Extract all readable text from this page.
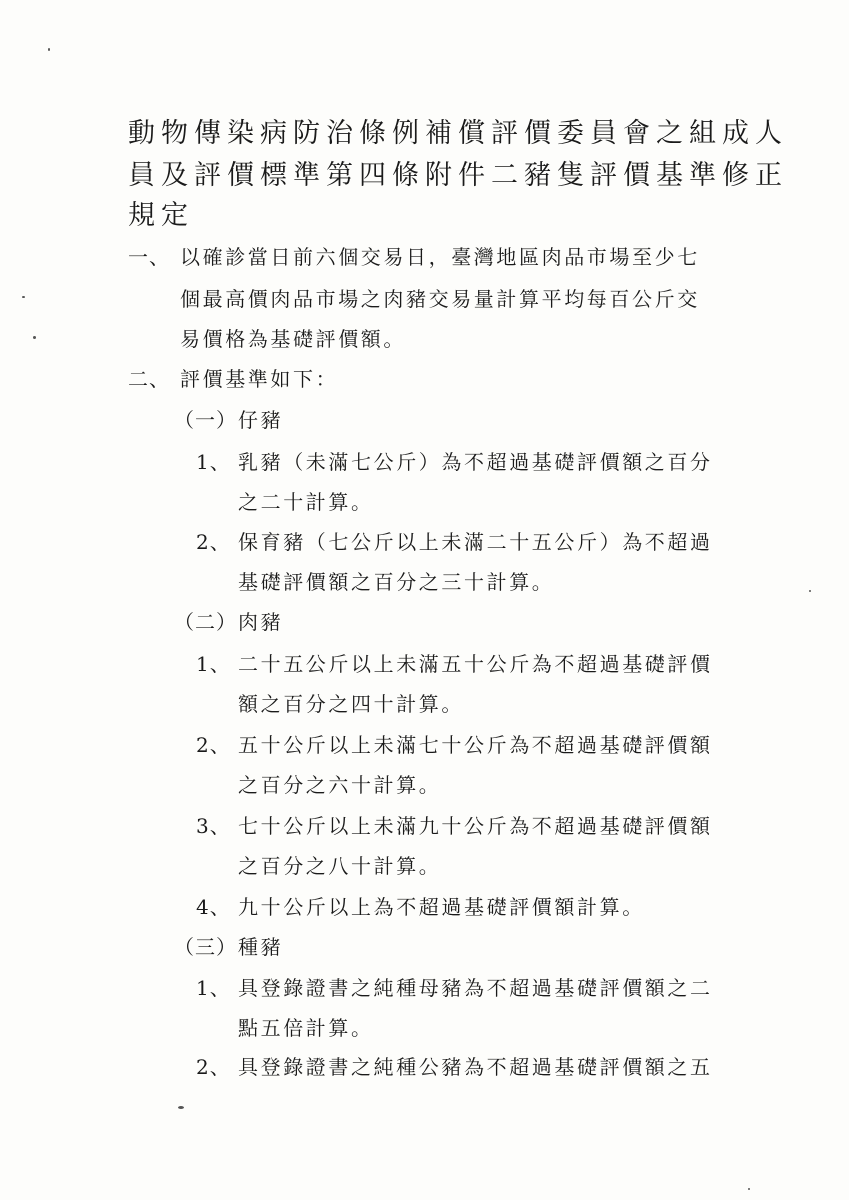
動物傳染病防治條例補償評價委員會之組成人
員及評價標準第四條附件二豬隻評價基準修正
規定
一、 以確診當日前六個交易日，臺灣地區肉品市場至少七
個最高價肉品市場之肉豬交易量計算平均每百公斤交
易價格為基礎評價額。
二、 評價基準如下：
（一） 仔豬
1、 乳豬（未滿七公斤）為不超過基礎評價額之百分
之二十計算。
2、 保育豬（七公斤以上未滿二十五公斤）為不超過
基礎評價額之百分之三十計算。
（二） 肉豬
1、 二十五公斤以上未滿五十公斤為不超過基礎評價
額之百分之四十計算。
2、 五十公斤以上未滿七十公斤為不超過基礎評價額
之百分之六十計算。
3、 七十公斤以上未滿九十公斤為不超過基礎評價額
之百分之八十計算。
4、 九十公斤以上為不超過基礎評價額計算。
（三） 種豬
1、 具登錄證書之純種母豬為不超過基礎評價額之二
點五倍計算。
2、 具登錄證書之純種公豬為不超過基礎評價額之五
